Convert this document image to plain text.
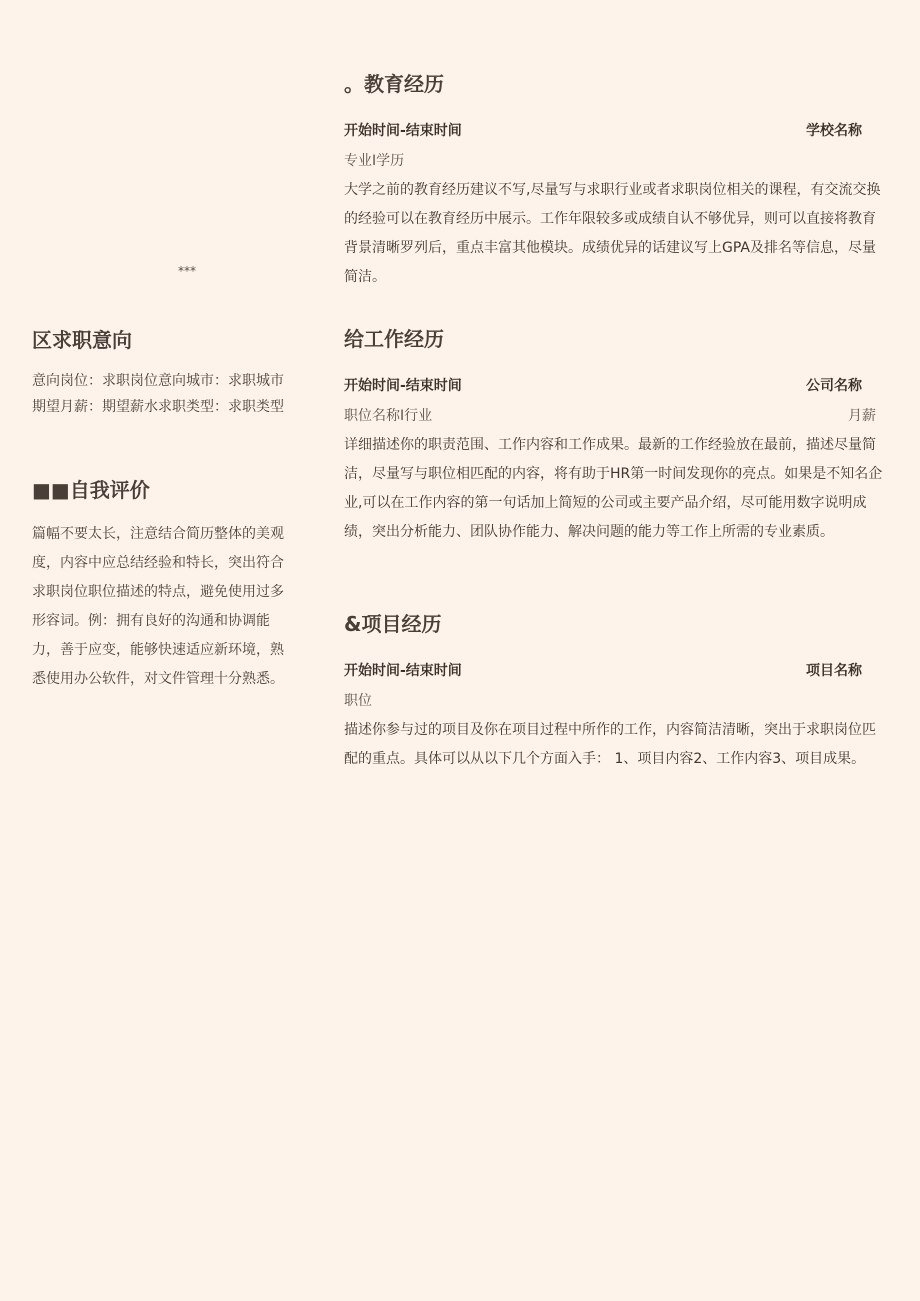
***
区求职意向

意向岗位：求职岗位意向城市：求职城市期望月薪：期望薪水求职类型：求职类型

■■自我评价

篇幅不要太长，注意结合简历整体的美观度，内容中应总结经验和特长，突出符合求职岗位职位描述的特点，避免使用过多形容词。例：拥有良好的沟通和协调能力，善于应变，能够快速适应新环境，熟悉使用办公软件，对文件管理十分熟悉。

。教育经历
开始时间-结束时间	学校名称
专业I学历

大学之前的教育经历建议不写,尽量写与求职行业或者求职岗位相关的课程，有交流交换的经验可以在教育经历中展示。工作年限较多或成绩自认不够优异，则可以直接将教育背景清晰罗列后，重点丰富其他模块。成绩优异的话建议写上GPA及排名等信息，尽量简洁。

给工作经历
开始时间-结束时间	公司名称
职位名称I行业	月薪

详细描述你的职责范围、工作内容和工作成果。最新的工作经验放在最前，描述尽量简洁，尽量写与职位相匹配的内容，将有助于HR第一时间发现你的亮点。如果是不知名企业,可以在工作内容的第一句话加上简短的公司或主要产品介绍，尽可能用数字说明成绩，突出分析能力、团队协作能力、解决问题的能力等工作上所需的专业素质。

&项目经历
开始时间-结束时间	项目名称
职位

描述你参与过的项目及你在项目过程中所作的工作，内容简洁清晰，突出于求职岗位匹配的重点。具体可以从以下几个方面入手： 1、项目内容2、工作内容3、项目成果。
